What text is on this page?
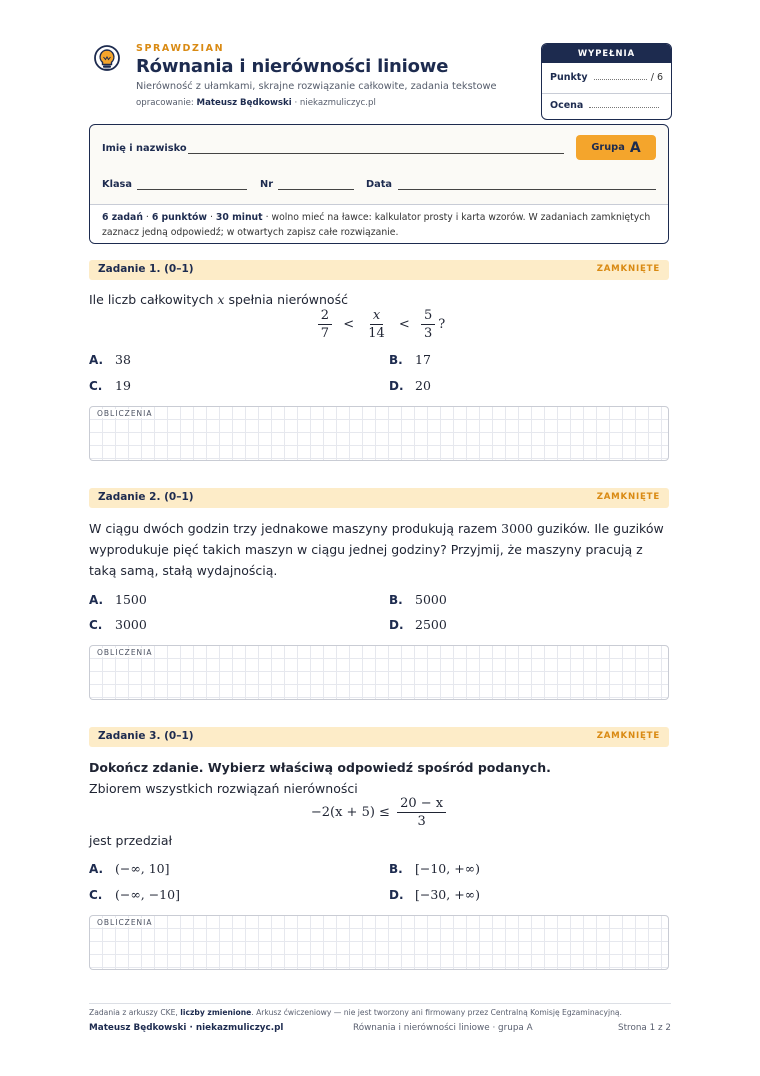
SPRAWDZIAN
Równania i nierówności liniowe
Nierówność z ułamkami, skrajne rozwiązanie całkowite, zadania tekstowe
opracowanie: Mateusz Będkowski · niekazmuliczyc.pl
WYPEŁNIA NAUCZYCIEL
Punkty	/ 6
Ocena
Imię i nazwisko	Grupa A
Klasa	Nr	Data
6 zadań · 6 punktów · 30 minut · wolno mieć na ławce: kalkulator prosty i karta wzorów. W zadaniach zamkniętych zaznacz jedną odpowiedź; w otwartych zapisz całe rozwiązanie.
Zadanie 1. (0–1)	ZAMKNIĘTE
Ile liczb całkowitych x spełnia nierówność
$\frac{2}{7} < \frac{x}{14} < \frac{5}{3}$ ?
A. 38	B. 17
C.	19	D. 20
OBLICZENIA
Zadanie 2. (0–1)	ZAMKNIĘTE
W ciągu dwóch godzin trzy jednakowe maszyny produkują razem 3000 guzików. Ile guzików wyprodukuje pięć takich maszyn w ciągu jednej godziny? Przyjmij, że maszyny pracują z taką samą, stałą wydajnością.
A. 1500	B. 5000
C.	3000	D. 2500
OBLICZENIA
Zadanie 3. (0–1)	ZAMKNIĘTE
Dokończ zdanie. Wybierz właściwą odpowiedź spośród podanych.
Zbiorem wszystkich rozwiązań nierówności
$-2(x + 5) \le \frac{20 - x}{3}$
jest przedział
A. (−∞, 10]	B. [−10, +∞)
C.	(−∞, −10]	D. [−30, +∞)
OBLICZENIA
Zadania z arkuszy CKE, liczby zmienione. Arkusz ćwiczeniowy — nie jest tworzony ani firmowany przez Centralną Komisję Egzaminacyjną.
Mateusz Będkowski · niekazmuliczyc.pl	Równania i nierówności liniowe · grupa A	Strona 1 z 2
